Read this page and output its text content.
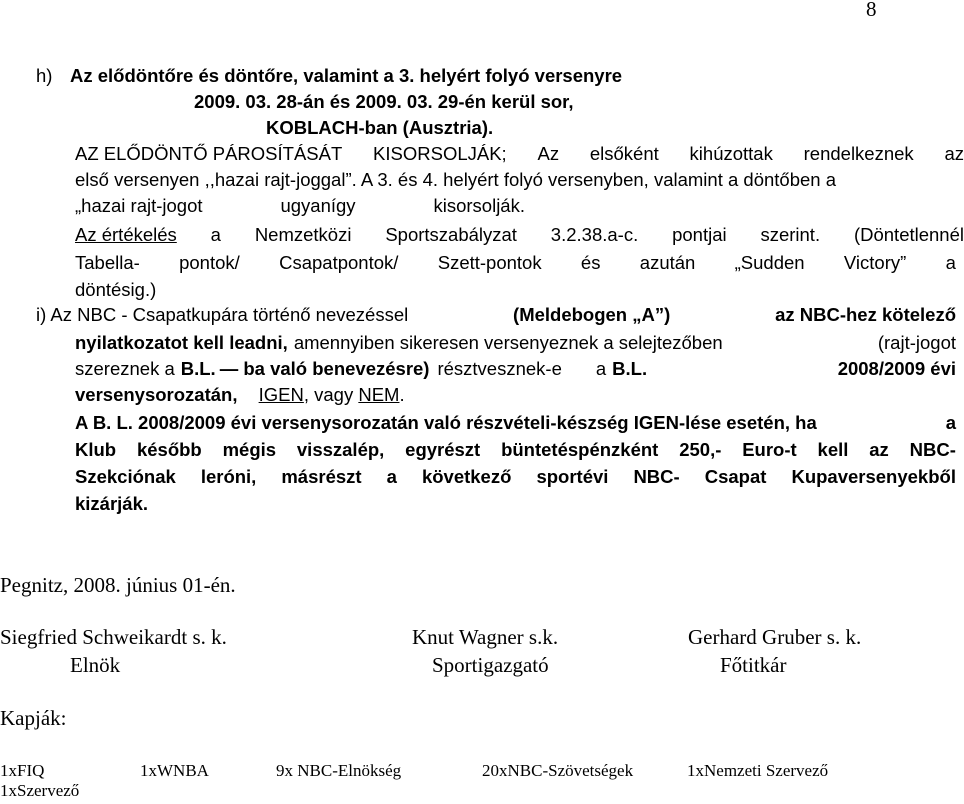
8
h) Az elődöntőre és döntőre, valamint a 3. helyért folyó versenyre
2009. 03. 28-án és 2009. 03. 29-én kerül sor,
KOBLACH-ban (Ausztria).
AZ ELŐDÖNTŐ PÁROSÍTÁSÁT KISORSOLJÁK; Az elsőként kihúzottak rendelkeznek az
első versenyen ,,hazai rajt-joggal”. A 3. és 4. helyért folyó versenyben, valamint a döntőben a
„hazai rajt-jogot	ugyanígy	kisorsolják.
Az értékelés a Nemzetközi Sportszabályzat 3.2.38.a-c. pontjai szerint. (Döntetlennél
Tabella- pontok/ Csapatpontok/ Szett-pontok és azután „Sudden Victory” a
döntésig.)
i) Az NBC - Csapatkupára történő nevezéssel	(Meldebogen „A”)	az NBC-hez kötelező
nyilatkozatot kell leadni, amennyiben sikeresen versenyeznek a selejtezőben	(rajt-jogot
szereznek a B.L. — ba való benevezésre) résztvesznek-e a B.L.	2008/2009 évi
versenysorozatán, IGEN, vagy NEM.
A B. L. 2008/2009 évi versenysorozatán való részvételi-készség IGEN-lése esetén, ha	a
Klub később mégis visszalép, egyrészt büntetéspénzként 250,- Euro-t kell az NBC-
Szekciónak leróni, másrészt a következő sportévi NBC- Csapat Kupaversenyekből
kizárják.
Pegnitz, 2008. június 01-én.
Siegfried Schweikardt s. k.
Elnök
Knut Wagner s.k.
Sportigazgató
Gerhard Gruber s. k.
Főtitkár
Kapják:
1xFIQ	1xWNBA	9x NBC-Elnökség	20xNBC-Szövetségek	1xNemzeti Szervező
1xSzervező
